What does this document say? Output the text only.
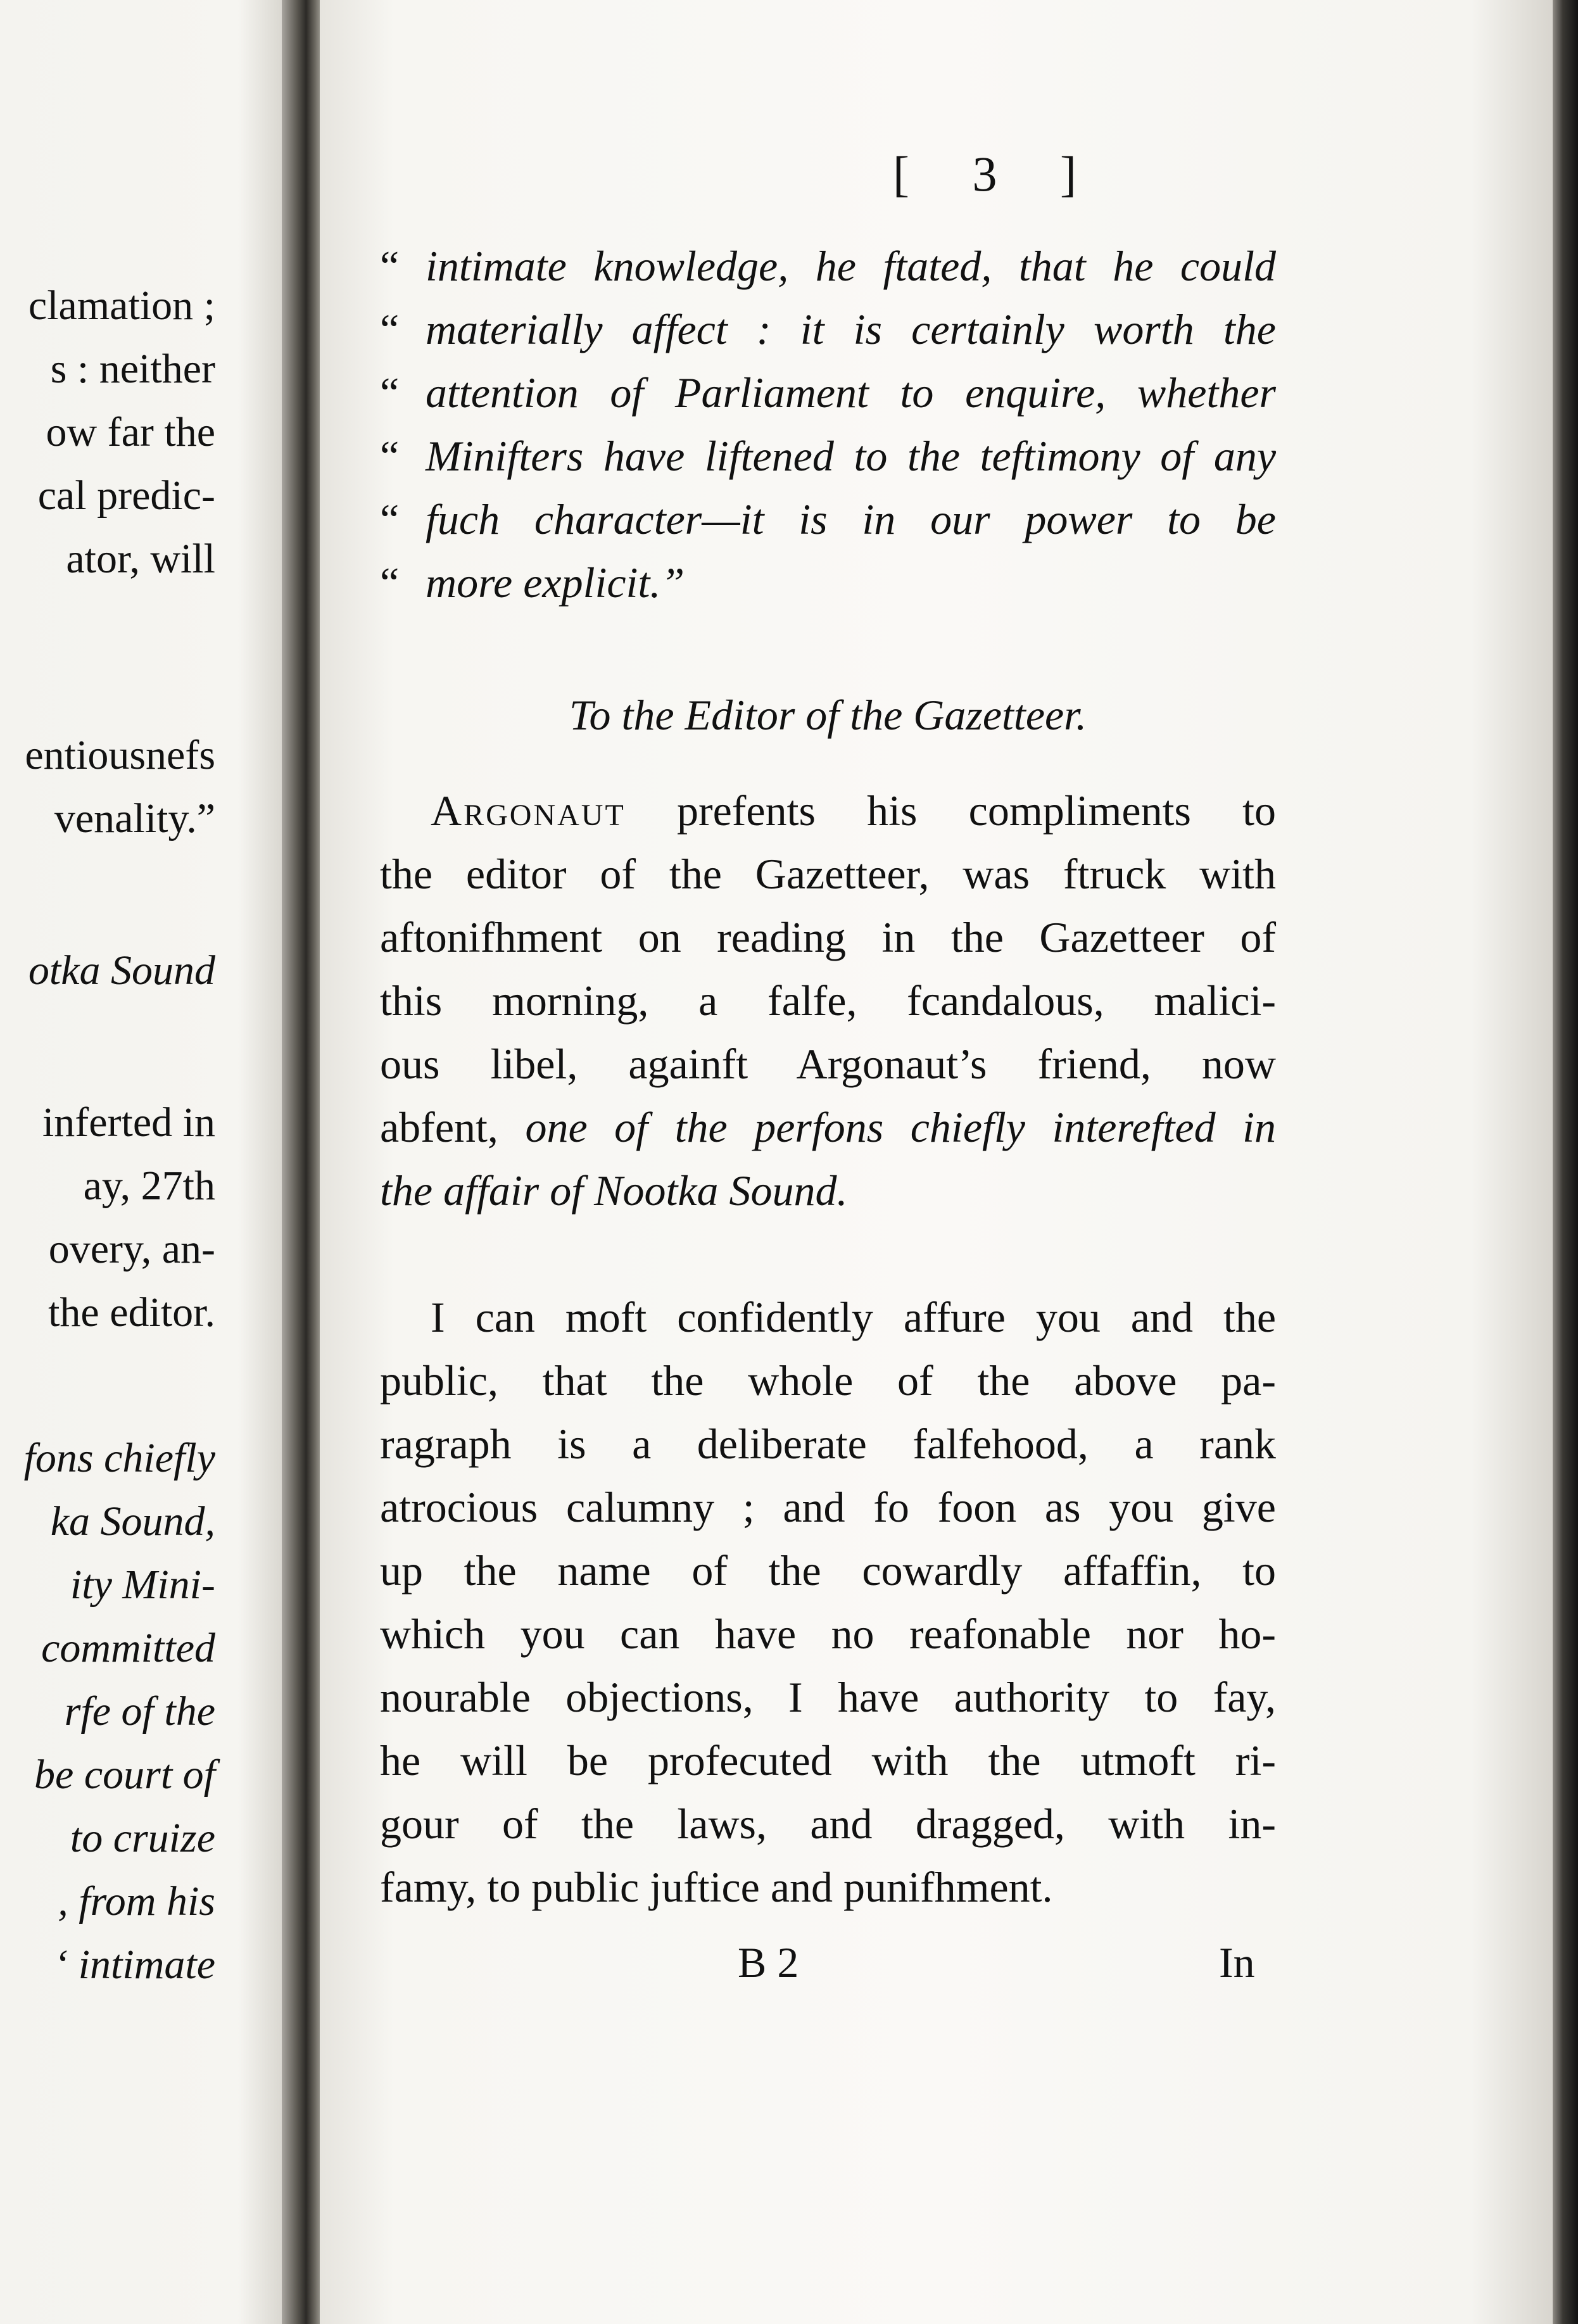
clamation ;
s : neither
ow far the
cal predic-
ator, will
entiousnefs
venality.”
otka Sound
inferted in
ay, 27th
overy, an-
the editor.
fons chiefly
ka Sound,
ity Mini-
committed
rfe of the
be court of
to cruize
, from his
‘ intimate
[ 3 ]
“ intimate knowledge, he ftated, that he could
“ materially affect : it is certainly worth the
“ attention of Parliament to enquire, whether
“ Minifters have liftened to the teftimony of any
“ fuch character—it is in our power to be
“ more explicit.”
To the Editor of the Gazetteer.
Argonaut prefents his compliments to
the editor of the Gazetteer, was ftruck with
aftonifhment on reading in the Gazetteer of
this morning, a falfe, fcandalous, malici-
ous libel, againft Argonaut’s friend, now
abfent, one of the perfons chiefly interefted in
the affair of Nootka Sound.
I can moft confidently affure you and the
public, that the whole of the above pa-
ragraph is a deliberate falfehood, a rank
atrocious calumny ; and fo foon as you give
up the name of the cowardly affaffin, to
which you can have no reafonable nor ho-
nourable objections, I have authority to fay,
he will be profecuted with the utmoft ri-
gour of the laws, and dragged, with in-
famy, to public juftice and punifhment.
B 2	In
